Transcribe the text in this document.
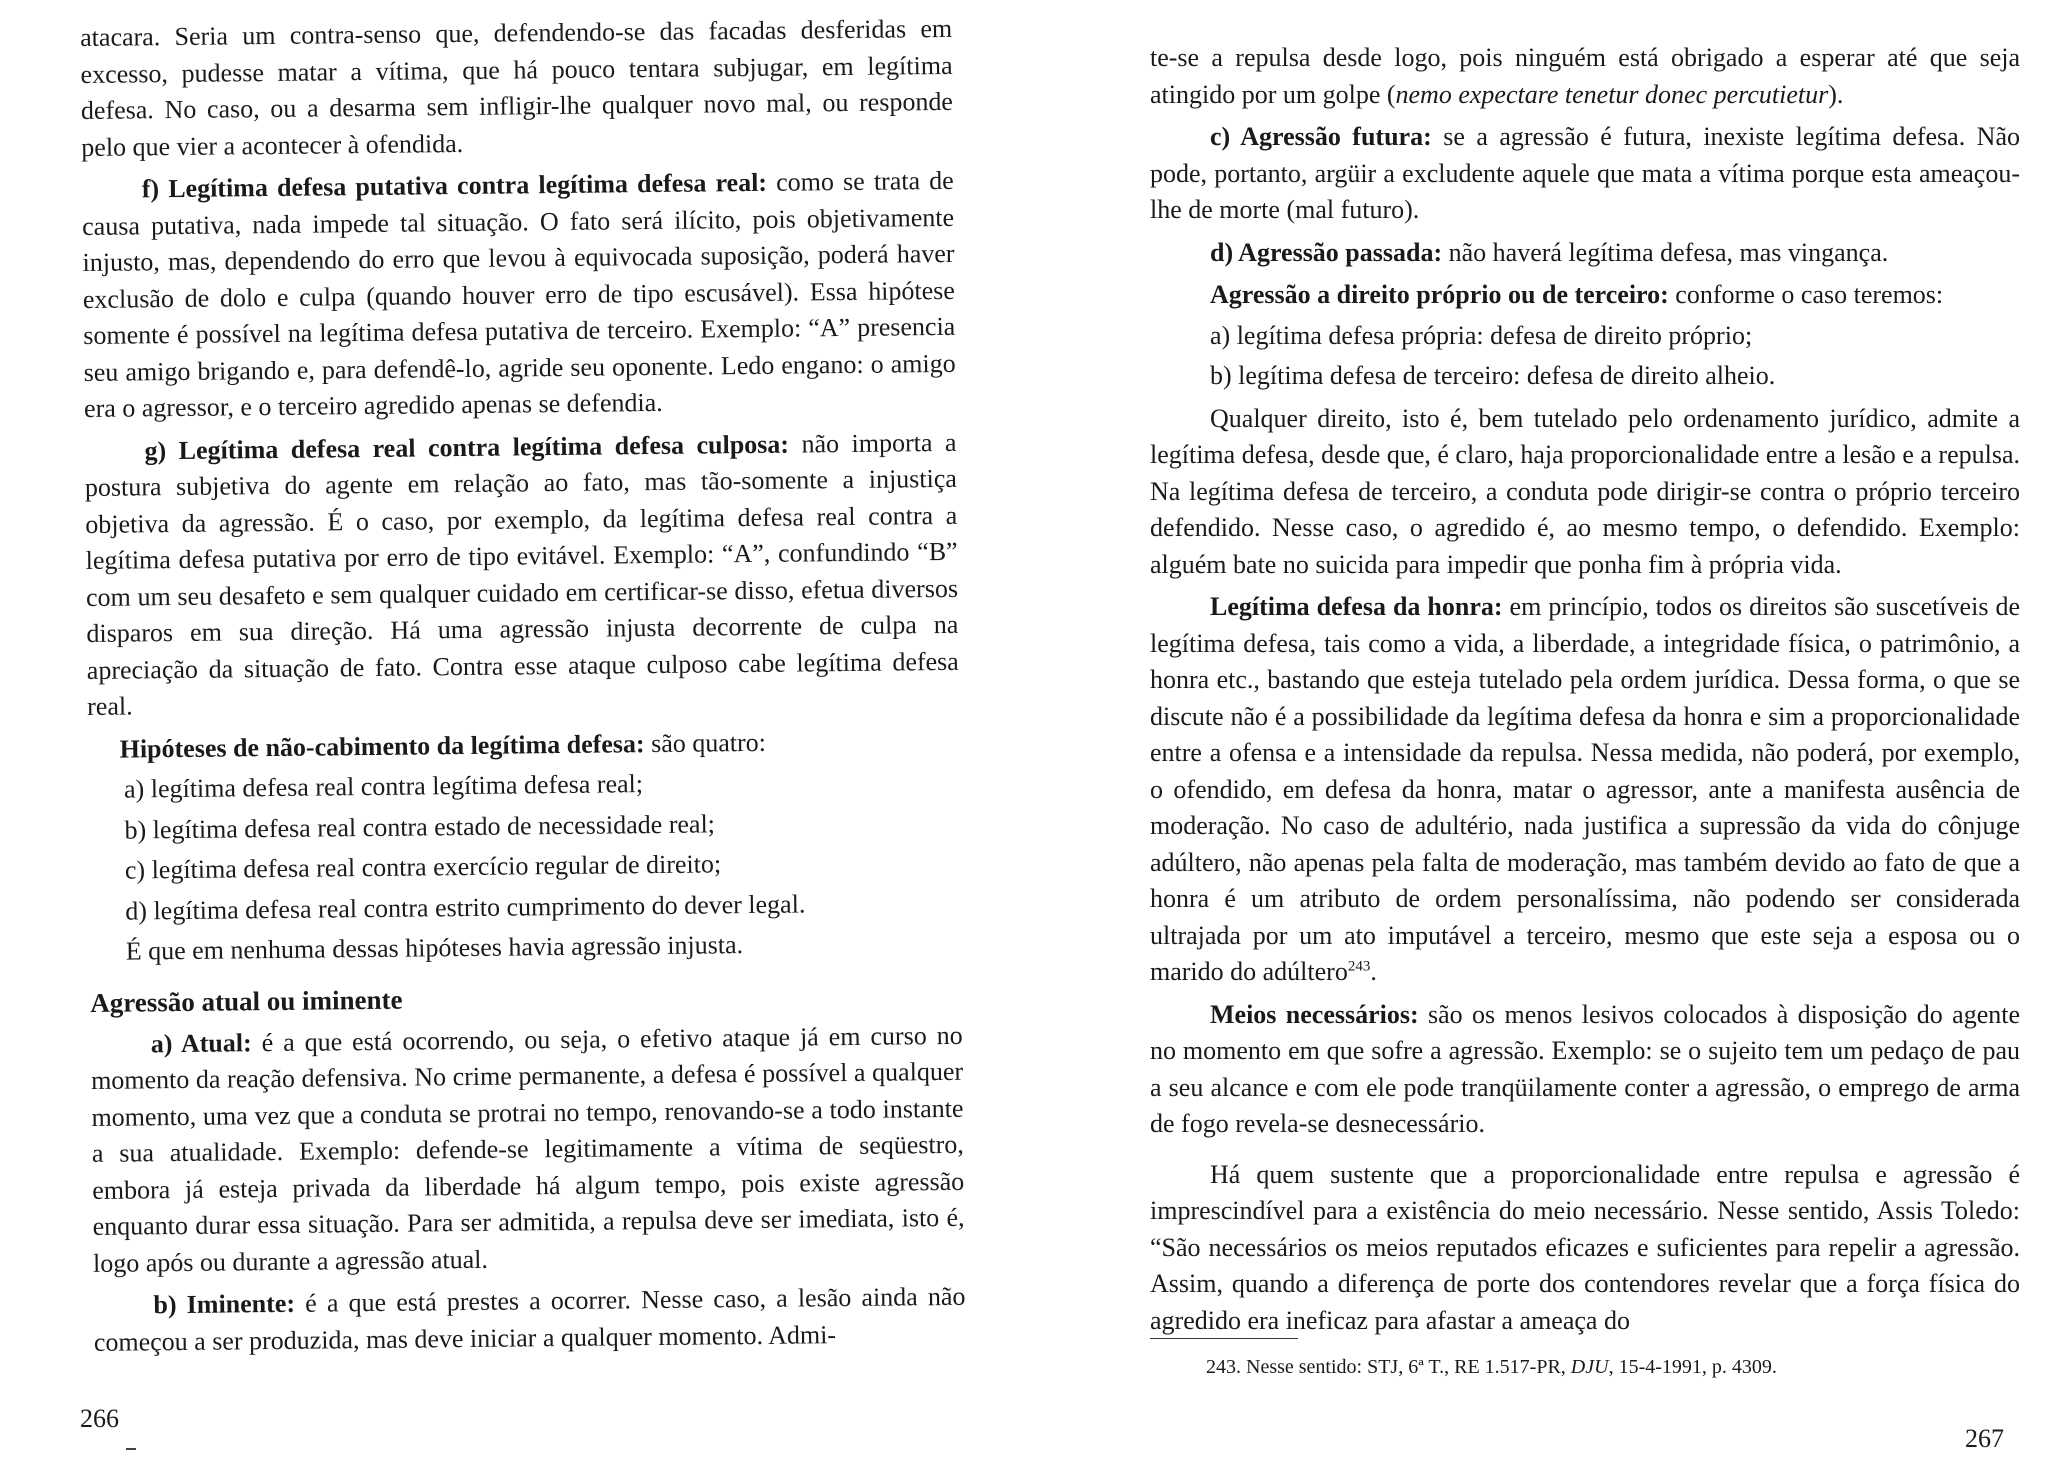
atacara. Seria um contra-senso que, defendendo-se das facadas desferidas em excesso, pudesse matar a vítima, que há pouco tentara subjugar, em legítima defesa. No caso, ou a desarma sem infligir-lhe qualquer novo mal, ou responde pelo que vier a acontecer à ofendida.

f) Legítima defesa putativa contra legítima defesa real: como se trata de causa putativa, nada impede tal situação. O fato será ilícito, pois objetivamente injusto, mas, dependendo do erro que levou à equivocada suposição, poderá haver exclusão de dolo e culpa (quando houver erro de tipo escusável). Essa hipótese somente é possível na legítima defesa putativa de terceiro. Exemplo: “A” presencia seu amigo brigando e, para defendê-lo, agride seu oponente. Ledo engano: o amigo era o agressor, e o terceiro agredido apenas se defendia.

g) Legítima defesa real contra legítima defesa culposa: não importa a postura subjetiva do agente em relação ao fato, mas tão-somente a injustiça objetiva da agressão. É o caso, por exemplo, da legítima defesa real contra a legítima defesa putativa por erro de tipo evitável. Exemplo: “A”, confundindo “B” com um seu desafeto e sem qualquer cuidado em certificar-se disso, efetua diversos disparos em sua direção. Há uma agressão injusta decorrente de culpa na apreciação da situação de fato. Contra esse ataque culposo cabe legítima defesa real.

Hipóteses de não-cabimento da legítima defesa: são quatro:

a) legítima defesa real contra legítima defesa real;

b) legítima defesa real contra estado de necessidade real;

c) legítima defesa real contra exercício regular de direito;

d) legítima defesa real contra estrito cumprimento do dever legal.

É que em nenhuma dessas hipóteses havia agressão injusta.

Agressão atual ou iminente

a) Atual: é a que está ocorrendo, ou seja, o efetivo ataque já em curso no momento da reação defensiva. No crime permanente, a defesa é possível a qualquer momento, uma vez que a conduta se protrai no tempo, renovando-se a todo instante a sua atualidade. Exemplo: defende-se legitimamente a vítima de seqüestro, embora já esteja privada da liberdade há algum tempo, pois existe agressão enquanto durar essa situação. Para ser admitida, a repulsa deve ser imediata, isto é, logo após ou durante a agressão atual.

b) Iminente: é a que está prestes a ocorrer. Nesse caso, a lesão ainda não começou a ser produzida, mas deve iniciar a qualquer momento. Admi-

266

te-se a repulsa desde logo, pois ninguém está obrigado a esperar até que seja atingido por um golpe (nemo expectare tenetur donec percutietur).

c) Agressão futura: se a agressão é futura, inexiste legítima defesa. Não pode, portanto, argüir a excludente aquele que mata a vítima porque esta ameaçou-lhe de morte (mal futuro).

d) Agressão passada: não haverá legítima defesa, mas vingança.

Agressão a direito próprio ou de terceiro: conforme o caso teremos:

a) legítima defesa própria: defesa de direito próprio;

b) legítima defesa de terceiro: defesa de direito alheio.

Qualquer direito, isto é, bem tutelado pelo ordenamento jurídico, admite a legítima defesa, desde que, é claro, haja proporcionalidade entre a lesão e a repulsa. Na legítima defesa de terceiro, a conduta pode dirigir-se contra o próprio terceiro defendido. Nesse caso, o agredido é, ao mesmo tempo, o defendido. Exemplo: alguém bate no suicida para impedir que ponha fim à própria vida.

Legítima defesa da honra: em princípio, todos os direitos são suscetíveis de legítima defesa, tais como a vida, a liberdade, a integridade física, o patrimônio, a honra etc., bastando que esteja tutelado pela ordem jurídica. Dessa forma, o que se discute não é a possibilidade da legítima defesa da honra e sim a proporcionalidade entre a ofensa e a intensidade da repulsa. Nessa medida, não poderá, por exemplo, o ofendido, em defesa da honra, matar o agressor, ante a manifesta ausência de moderação. No caso de adultério, nada justifica a supressão da vida do cônjuge adúltero, não apenas pela falta de moderação, mas também devido ao fato de que a honra é um atributo de ordem personalíssima, não podendo ser considerada ultrajada por um ato imputável a terceiro, mesmo que este seja a esposa ou o marido do adúltero$^{243}$.

Meios necessários: são os menos lesivos colocados à disposição do agente no momento em que sofre a agressão. Exemplo: se o sujeito tem um pedaço de pau a seu alcance e com ele pode tranqüilamente conter a agressão, o emprego de arma de fogo revela-se desnecessário.

Há quem sustente que a proporcionalidade entre repulsa e agressão é imprescindível para a existência do meio necessário. Nesse sentido, Assis Toledo: “São necessários os meios reputados eficazes e suficientes para repelir a agressão. Assim, quando a diferença de porte dos contendores revelar que a força física do agredido era ineficaz para afastar a ameaça do

243. Nesse sentido: STJ, 6ª T., RE 1.517-PR, DJU, 15-4-1991, p. 4309.
267
